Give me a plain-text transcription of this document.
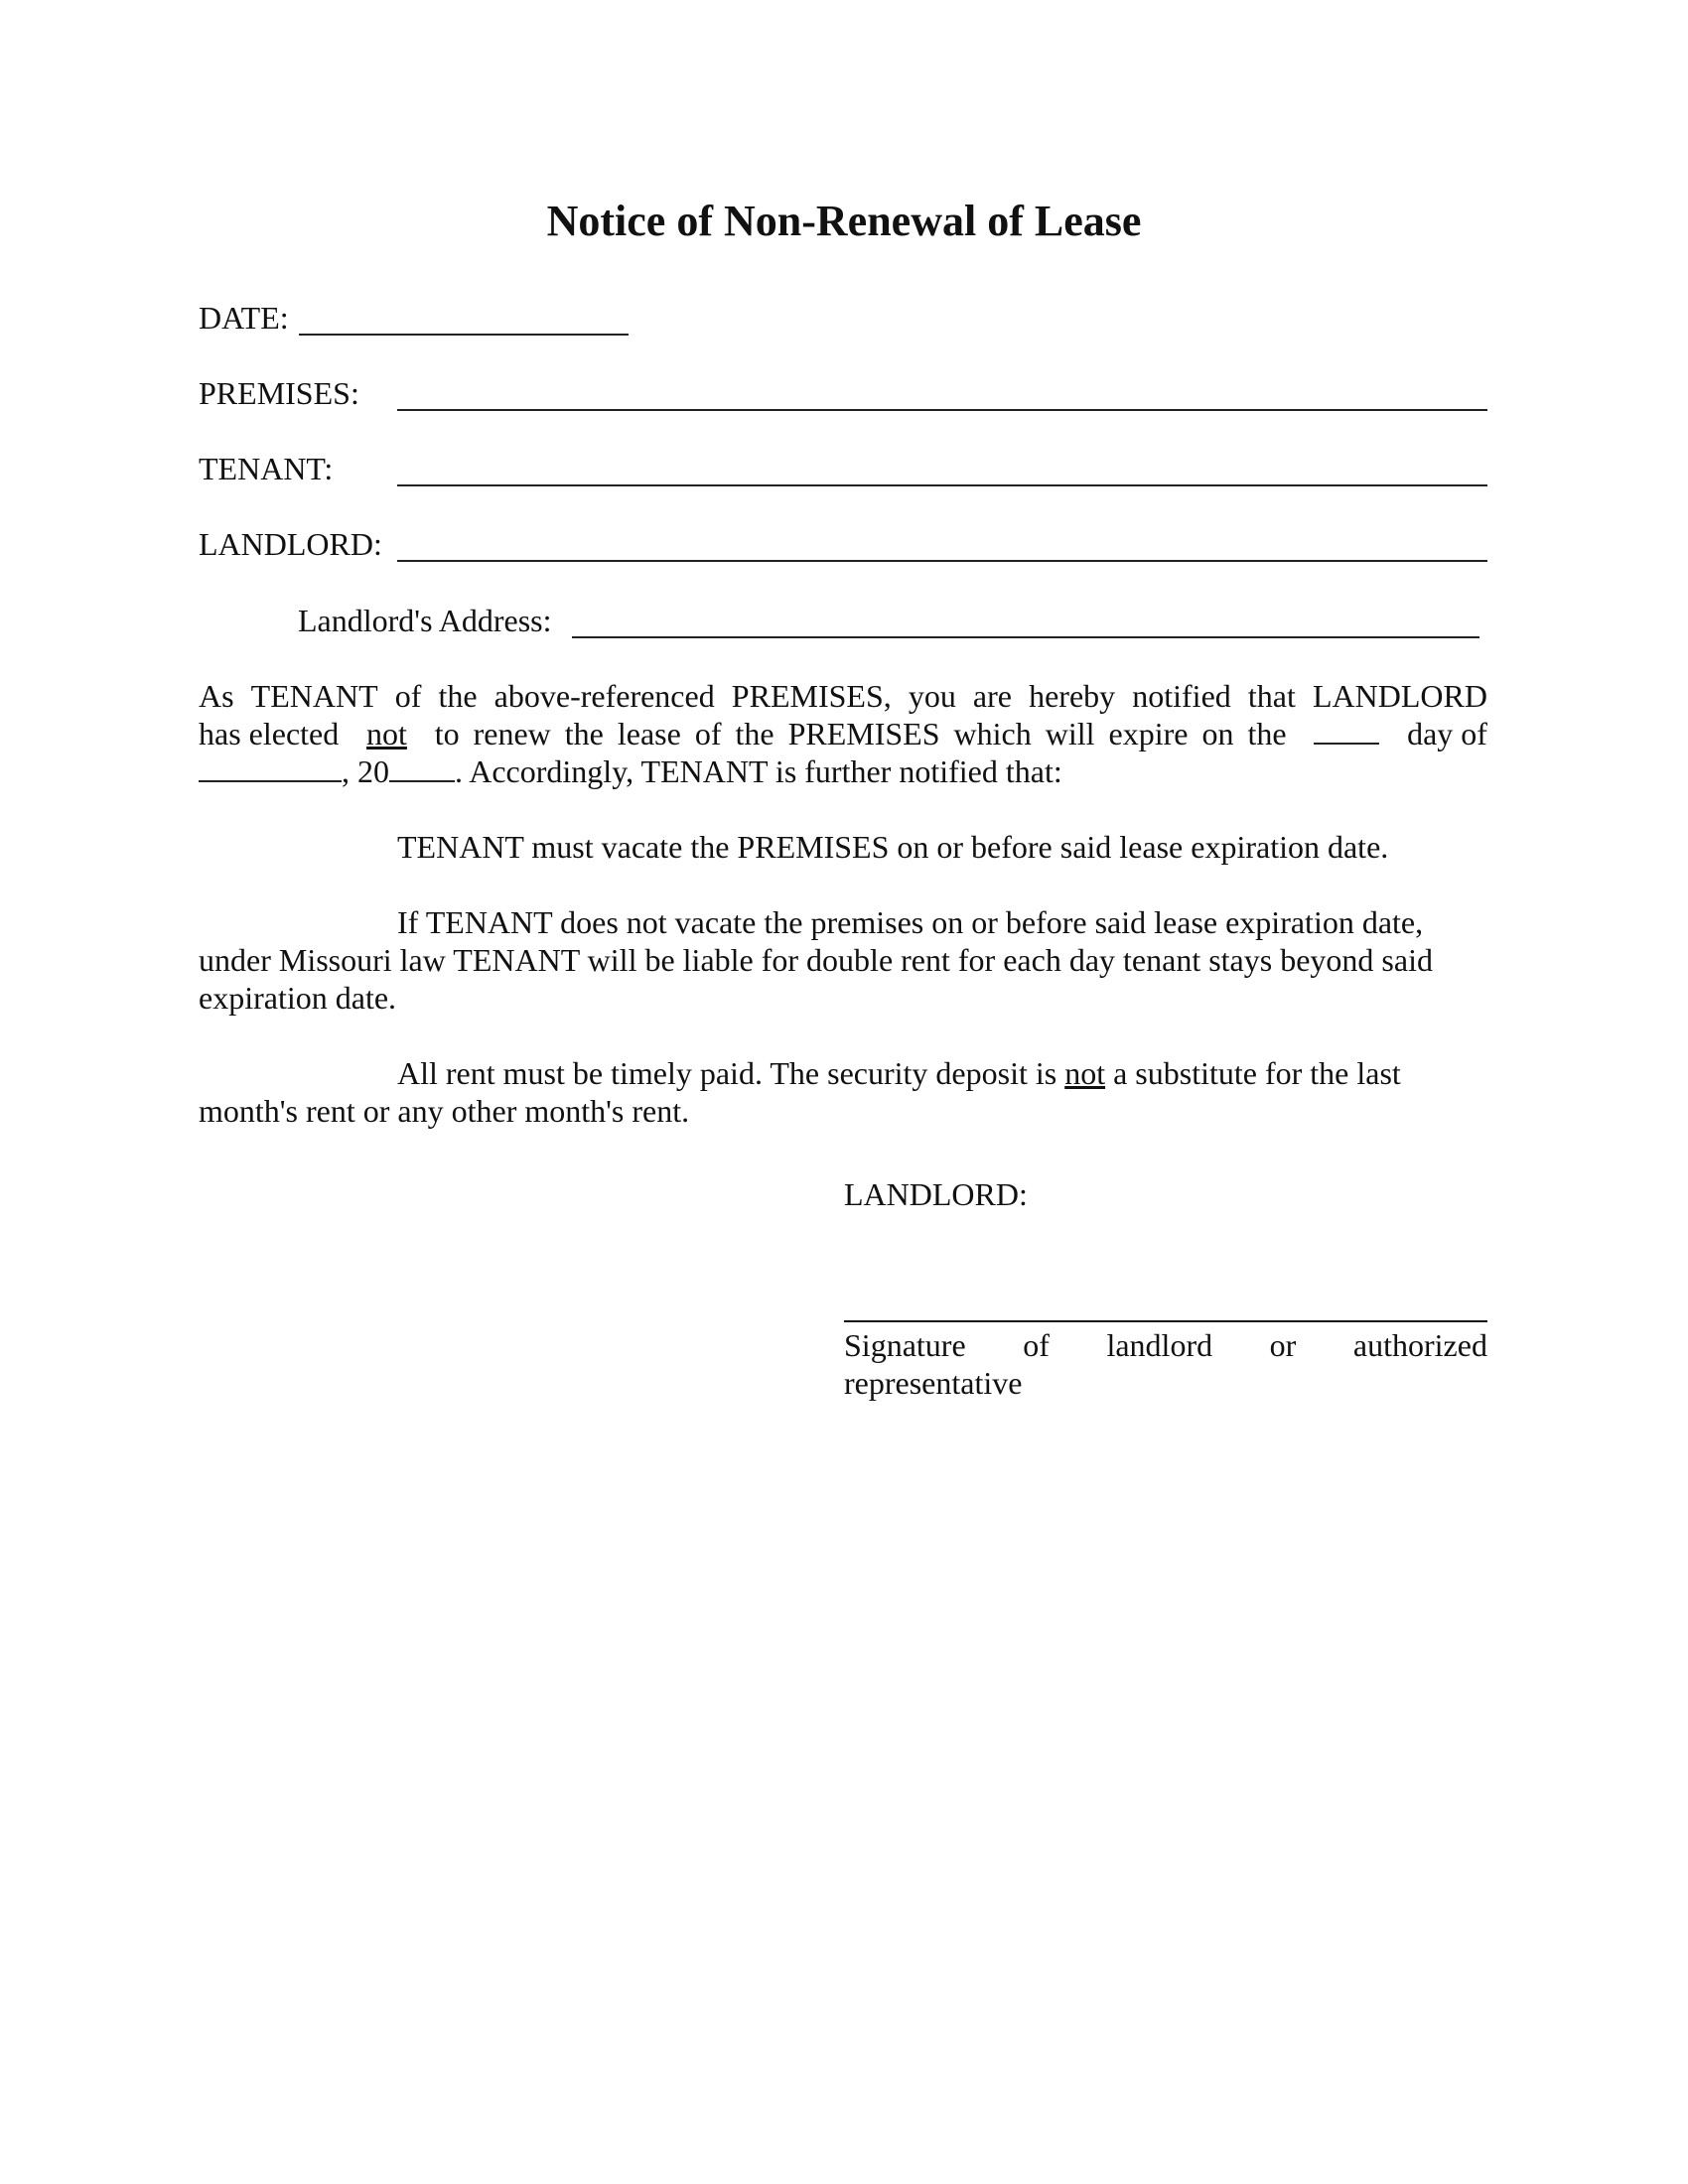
Notice of Non-Renewal of Lease
DATE:
PREMISES:
TENANT:
LANDLORD:
Landlord's Address:
As TENANT of the above-referenced PREMISES, you are hereby notified that LANDLORD
has elected not to renew the lease of the PREMISES which will expire on the	day of
, 20 . Accordingly, TENANT is further notified that:
TENANT must vacate the PREMISES on or before said lease expiration date.
If TENANT does not vacate the premises on or before said lease expiration date,
under Missouri law TENANT will be liable for double rent for each day tenant stays beyond said
expiration date.
All rent must be timely paid. The security deposit is not a substitute for the last
month's rent or any other month's rent.
LANDLORD:
Signature of landlord or authorized
representative
